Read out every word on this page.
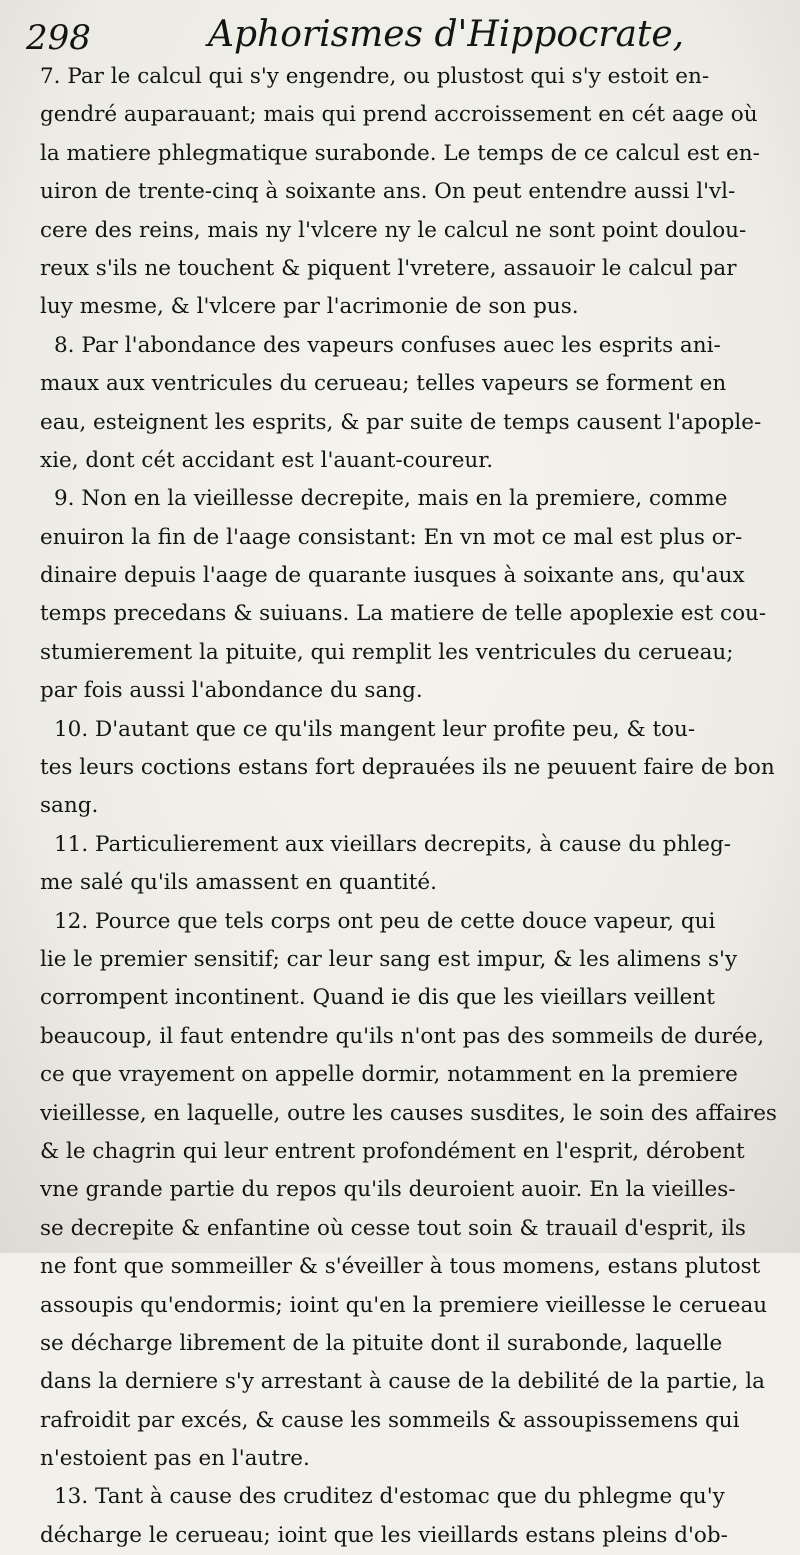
298	Aphorismes d'Hippocrate,
7. Par le calcul qui s'y engendre, ou plustost qui s'y estoit en-
gendré auparauant; mais qui prend accroissement en cét aage où
la matiere phlegmatique surabonde. Le temps de ce calcul est en-
uiron de trente-cinq à soixante ans. On peut entendre aussi l'vl-
cere des reins, mais ny l'vlcere ny le calcul ne sont point doulou-
reux s'ils ne touchent & piquent l'vretere, assauoir le calcul par
luy mesme, & l'vlcere par l'acrimonie de son pus.
8. Par l'abondance des vapeurs confuses auec les esprits ani-
maux aux ventricules du cerueau; telles vapeurs se forment en
eau, esteignent les esprits, & par suite de temps causent l'apople-
xie, dont cét accidant est l'auant-coureur.
9. Non en la vieillesse decrepite, mais en la premiere, comme
enuiron la fin de l'aage consistant: En vn mot ce mal est plus or-
dinaire depuis l'aage de quarante iusques à soixante ans, qu'aux
temps precedans & suiuans. La matiere de telle apoplexie est cou-
stumierement la pituite, qui remplit les ventricules du cerueau;
par fois aussi l'abondance du sang.
10. D'autant que ce qu'ils mangent leur profite peu, & tou-
tes leurs coctions estans fort deprauées ils ne peuuent faire de bon
sang.
11. Particulierement aux vieillars decrepits, à cause du phleg-
me salé qu'ils amassent en quantité.
12. Pource que tels corps ont peu de cette douce vapeur, qui
lie le premier sensitif; car leur sang est impur, & les alimens s'y
corrompent incontinent. Quand ie dis que les vieillars veillent
beaucoup, il faut entendre qu'ils n'ont pas des sommeils de durée,
ce que vrayement on appelle dormir, notamment en la premiere
vieillesse, en laquelle, outre les causes susdites, le soin des affaires
& le chagrin qui leur entrent profondément en l'esprit, dérobent
vne grande partie du repos qu'ils deuroient auoir. En la vieilles-
se decrepite & enfantine où cesse tout soin & trauail d'esprit, ils
ne font que sommeiller & s'éveiller à tous momens, estans plutost
assoupis qu'endormis; ioint qu'en la premiere vieillesse le cerueau
se décharge librement de la pituite dont il surabonde, laquelle
dans la derniere s'y arrestant à cause de la debilité de la partie, la
rafroidit par excés, & cause les sommeils & assoupissemens qui
n'estoient pas en l'autre.
13. Tant à cause des cruditez d'estomac que du phlegme qu'y
décharge le cerueau; ioint que les vieillards estans pleins d'ob-
